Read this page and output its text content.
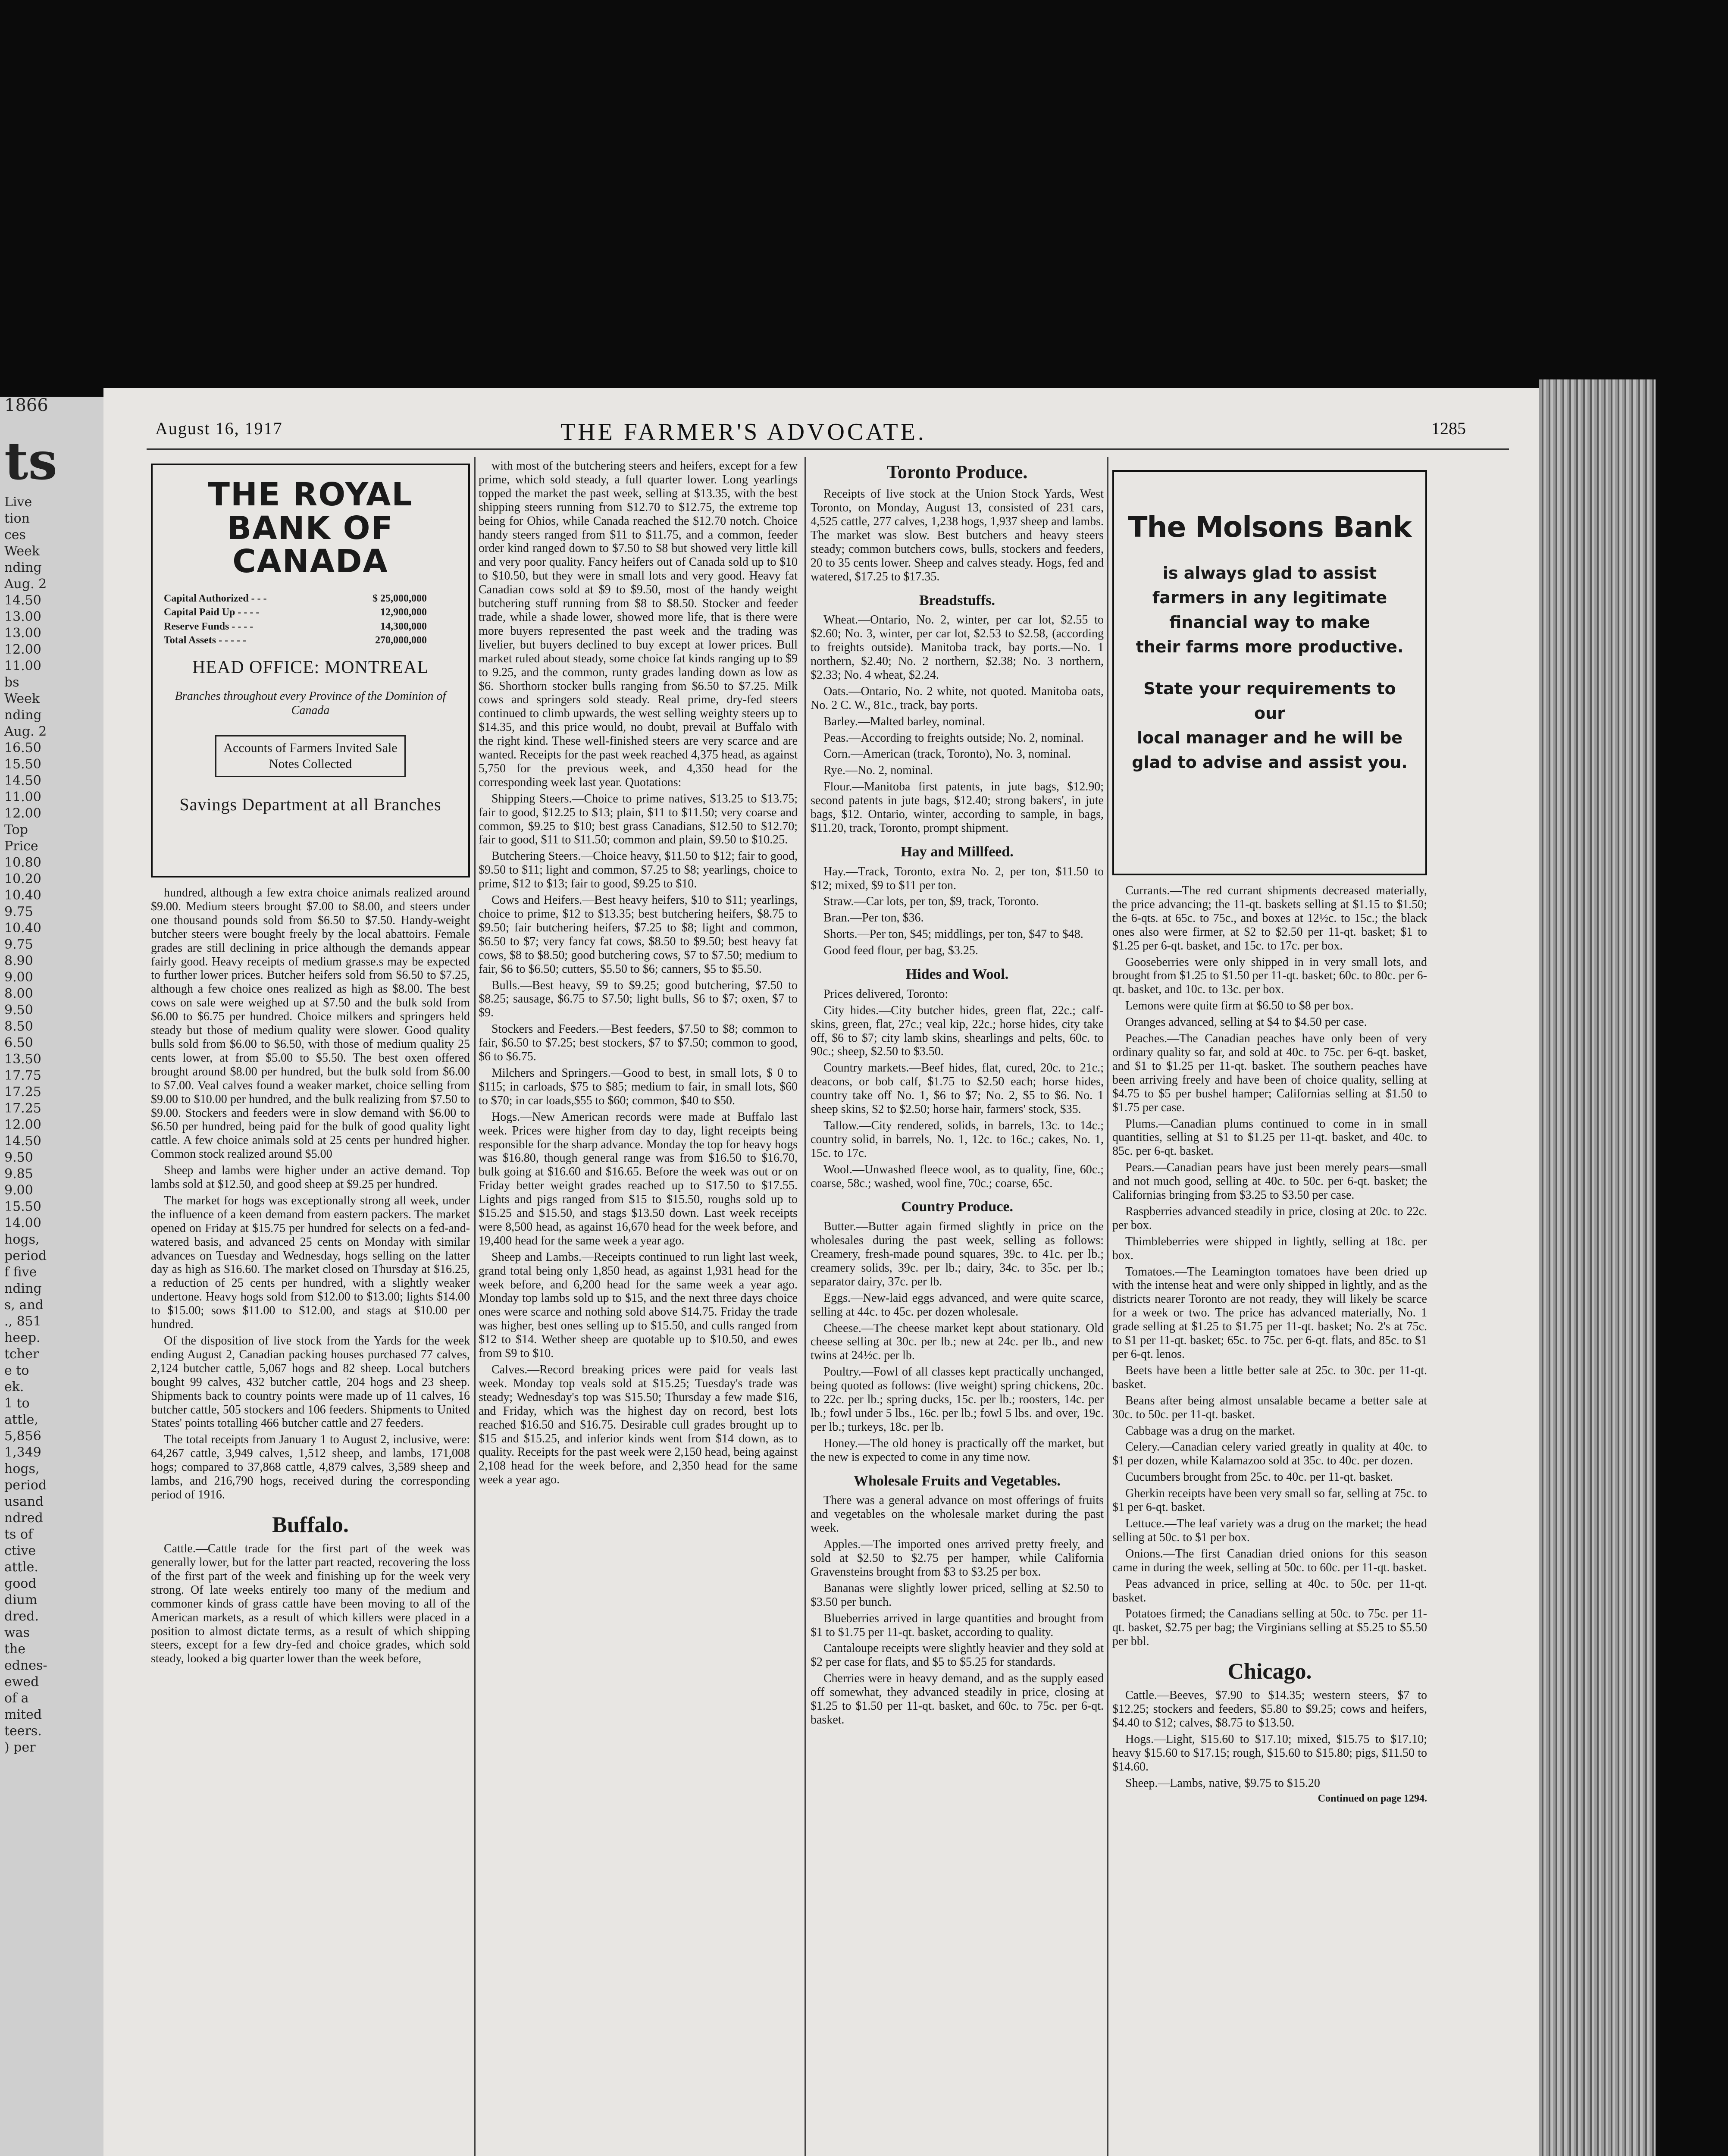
1866
ts
Live
tion
ces
Week
nding
Aug. 2
14.50
13.00
13.00
12.00
11.00
bs
Week
nding
Aug. 2
16.50
15.50
14.50
11.00
12.00
Top
Price
10.80
10.20
10.40
9.75
10.40
9.75
8.90
9.00
8.00
9.50
8.50
6.50
13.50
17.75
17.25
17.25
12.00
14.50
9.50
9.85
9.00
15.50
14.00
hogs,
period
f five
nding
s, and
., 851
heep.
tcher
e to
ek.
1 to
attle,
5,856
1,349
hogs,
period
usand
ndred
ts of
ctive
attle.
good
dium
dred.
was
the
ednes-
ewed
of a
mited
teers.
) per
August 16, 1917	THE FARMER'S ADVOCATE.	1285
THE ROYAL BANK OF CANADA
Capital Authorized - - -	$ 25,000,000
Capital Paid Up - - - -	12,900,000
Reserve Funds - - - -	14,300,000
Total Assets - - - - -	270,000,000
HEAD OFFICE: MONTREAL
Branches throughout every Province of the Dominion of Canada
Accounts of Farmers Invited Sale Notes Collected
Savings Department at all Branches

hundred, although a few extra choice animals realized around $9.00. Medium steers brought $7.00 to $8.00, and steers under one thousand pounds sold from $6.50 to $7.50. Handy-weight butcher steers were bought freely by the local abattoirs. Female grades are still declining in price although the demands appear fairly good. Heavy receipts of medium grasse.s may be expected to further lower prices. Butcher heifers sold from $6.50 to $7.25, although a few choice ones realized as high as $8.00. The best cows on sale were weighed up at $7.50 and the bulk sold from $6.00 to $6.75 per hundred. Choice milkers and springers held steady but those of medium quality were slower. Good quality bulls sold from $6.00 to $6.50, with those of medium quality 25 cents lower, at from $5.00 to $5.50. The best oxen offered brought around $8.00 per hundred, but the bulk sold from $6.00 to $7.00. Veal calves found a weaker market, choice selling from $9.00 to $10.00 per hundred, and the bulk realizing from $7.50 to $9.00. Stockers and feeders were in slow demand with $6.00 to $6.50 per hundred, being paid for the bulk of good quality light cattle. A few choice animals sold at 25 cents per hundred higher. Common stock realized around $5.00

Sheep and lambs were higher under an active demand. Top lambs sold at $12.50, and good sheep at $9.25 per hundred.

The market for hogs was exceptionally strong all week, under the influence of a keen demand from eastern packers. The market opened on Friday at $15.75 per hundred for selects on a fed-and-watered basis, and advanced 25 cents on Monday with similar advances on Tuesday and Wednesday, hogs selling on the latter day as high as $16.60. The market closed on Thursday at $16.25, a reduction of 25 cents per hundred, with a slightly weaker undertone. Heavy hogs sold from $12.00 to $13.00; lights $14.00 to $15.00; sows $11.00 to $12.00, and stags at $10.00 per hundred.

Of the disposition of live stock from the Yards for the week ending August 2, Canadian packing houses purchased 77 calves, 2,124 butcher cattle, 5,067 hogs and 82 sheep. Local butchers bought 99 calves, 432 butcher cattle, 204 hogs and 23 sheep. Shipments back to country points were made up of 11 calves, 16 butcher cattle, 505 stockers and 106 feeders. Shipments to United States' points totalling 466 butcher cattle and 27 feeders.

The total receipts from January 1 to August 2, inclusive, were: 64,267 cattle, 3,949 calves, 1,512 sheep, and lambs, 171,008 hogs; compared to 37,868 cattle, 4,879 calves, 3,589 sheep and lambs, and 216,790 hogs, received during the corresponding period of 1916.

Buffalo.

Cattle.—Cattle trade for the first part of the week was generally lower, but for the latter part reacted, recovering the loss of the first part of the week and finishing up for the week very strong. Of late weeks entirely too many of the medium and commoner kinds of grass cattle have been moving to all of the American markets, as a result of which killers were placed in a position to almost dictate terms, as a result of which shipping steers, except for a few dry-fed and choice grades, which sold steady, looked a big quarter lower than the week before,

with most of the butchering steers and heifers, except for a few prime, which sold steady, a full quarter lower. Long yearlings topped the market the past week, selling at $13.35, with the best shipping steers running from $12.70 to $12.75, the extreme top being for Ohios, while Canada reached the $12.70 notch. Choice handy steers ranged from $11 to $11.75, and a common, feeder order kind ranged down to $7.50 to $8 but showed very little kill and very poor quality. Fancy heifers out of Canada sold up to $10 to $10.50, but they were in small lots and very good. Heavy fat Canadian cows sold at $9 to $9.50, most of the handy weight butchering stuff running from $8 to $8.50. Stocker and feeder trade, while a shade lower, showed more life, that is there were more buyers represented the past week and the trading was livelier, but buyers declined to buy except at lower prices. Bull market ruled about steady, some choice fat kinds ranging up to $9 to 9.25, and the common, runty grades landing down as low as $6. Shorthorn stocker bulls ranging from $6.50 to $7.25. Milk cows and springers sold steady. Real prime, dry-fed steers continued to climb upwards, the west selling weighty steers up to $14.35, and this price would, no doubt, prevail at Buffalo with the right kind. These well-finished steers are very scarce and are wanted. Receipts for the past week reached 4,375 head, as against 5,750 for the previous week, and 4,350 head for the corresponding week last year. Quotations:

Shipping Steers.—Choice to prime natives, $13.25 to $13.75; fair to good, $12.25 to $13; plain, $11 to $11.50; very coarse and common, $9.25 to $10; best grass Canadians, $12.50 to $12.70; fair to good, $11 to $11.50; common and plain, $9.50 to $10.25.

Butchering Steers.—Choice heavy, $11.50 to $12; fair to good, $9.50 to $11; light and common, $7.25 to $8; yearlings, choice to prime, $12 to $13; fair to good, $9.25 to $10.

Cows and Heifers.—Best heavy heifers, $10 to $11; yearlings, choice to prime, $12 to $13.35; best butchering heifers, $8.75 to $9.50; fair butchering heifers, $7.25 to $8; light and common, $6.50 to $7; very fancy fat cows, $8.50 to $9.50; best heavy fat cows, $8 to $8.50; good butchering cows, $7 to $7.50; medium to fair, $6 to $6.50; cutters, $5.50 to $6; canners, $5 to $5.50.

Bulls.—Best heavy, $9 to $9.25; good butchering, $7.50 to $8.25; sausage, $6.75 to $7.50; light bulls, $6 to $7; oxen, $7 to $9.

Stockers and Feeders.—Best feeders, $7.50 to $8; common to fair, $6.50 to $7.25; best stockers, $7 to $7.50; common to good, $6 to $6.75.

Milchers and Springers.—Good to best, in small lots, $ 0 to $115; in carloads, $75 to $85; medium to fair, in small lots, $60 to $70; in car loads,$55 to $60; common, $40 to $50.

Hogs.—New American records were made at Buffalo last week. Prices were higher from day to day, light receipts being responsible for the sharp advance. Monday the top for heavy hogs was $16.80, though general range was from $16.50 to $16.70, bulk going at $16.60 and $16.65. Before the week was out or on Friday better weight grades reached up to $17.50 to $17.55. Lights and pigs ranged from $15 to $15.50, roughs sold up to $15.25 and $15.50, and stags $13.50 down. Last week receipts were 8,500 head, as against 16,670 head for the week before, and 19,400 head for the same week a year ago.

Sheep and Lambs.—Receipts continued to run light last week, grand total being only 1,850 head, as against 1,931 head for the week before, and 6,200 head for the same week a year ago. Monday top lambs sold up to $15, and the next three days choice ones were scarce and nothing sold above $14.75. Friday the trade was higher, best ones selling up to $15.50, and culls ranged from $12 to $14. Wether sheep are quotable up to $10.50, and ewes from $9 to $10.

Calves.—Record breaking prices were paid for veals last week. Monday top veals sold at $15.25; Tuesday's trade was steady; Wednesday's top was $15.50; Thursday a few made $16, and Friday, which was the highest day on record, best lots reached $16.50 and $16.75. Desirable cull grades brought up to $15 and $15.25, and inferior kinds went from $14 down, as to quality. Receipts for the past week were 2,150 head, being against 2,108 head for the week before, and 2,350 head for the same week a year ago.

Toronto Produce.

Receipts of live stock at the Union Stock Yards, West Toronto, on Monday, August 13, consisted of 231 cars, 4,525 cattle, 277 calves, 1,238 hogs, 1,937 sheep and lambs. The market was slow. Best butchers and heavy steers steady; common butchers cows, bulls, stockers and feeders, 20 to 35 cents lower. Sheep and calves steady. Hogs, fed and watered, $17.25 to $17.35.

Breadstuffs.

Wheat.—Ontario, No. 2, winter, per car lot, $2.55 to $2.60; No. 3, winter, per car lot, $2.53 to $2.58, (according to freights outside). Manitoba track, bay ports.—No. 1 northern, $2.40; No. 2 northern, $2.38; No. 3 northern, $2.33; No. 4 wheat, $2.24.

Oats.—Ontario, No. 2 white, not quoted. Manitoba oats, No. 2 C. W., 81c., track, bay ports.

Barley.—Malted barley, nominal.

Peas.—According to freights outside; No. 2, nominal.

Corn.—American (track, Toronto), No. 3, nominal.

Rye.—No. 2, nominal.

Flour.—Manitoba first patents, in jute bags, $12.90; second patents in jute bags, $12.40; strong bakers', in jute bags, $12. Ontario, winter, according to sample, in bags, $11.20, track, Toronto, prompt shipment.

Hay and Millfeed.

Hay.—Track, Toronto, extra No. 2, per ton, $11.50 to $12; mixed, $9 to $11 per ton.

Straw.—Car lots, per ton, $9, track, Toronto.

Bran.—Per ton, $36.

Shorts.—Per ton, $45; middlings, per ton, $47 to $48.

Good feed flour, per bag, $3.25.

Hides and Wool.

Prices delivered, Toronto:

City hides.—City butcher hides, green flat, 22c.; calf-skins, green, flat, 27c.; veal kip, 22c.; horse hides, city take off, $6 to $7; city lamb skins, shearlings and pelts, 60c. to 90c.; sheep, $2.50 to $3.50.

Country markets.—Beef hides, flat, cured, 20c. to 21c.; deacons, or bob calf, $1.75 to $2.50 each; horse hides, country take off No. 1, $6 to $7; No. 2, $5 to $6. No. 1 sheep skins, $2 to $2.50; horse hair, farmers' stock, $35.

Tallow.—City rendered, solids, in barrels, 13c. to 14c.; country solid, in barrels, No. 1, 12c. to 16c.; cakes, No. 1, 15c. to 17c.

Wool.—Unwashed fleece wool, as to quality, fine, 60c.; coarse, 58c.; washed, wool fine, 70c.; coarse, 65c.

Country Produce.

Butter.—Butter again firmed slightly in price on the wholesales during the past week, selling as follows: Creamery, fresh-made pound squares, 39c. to 41c. per lb.; creamery solids, 39c. per lb.; dairy, 34c. to 35c. per lb.; separator dairy, 37c. per lb.

Eggs.—New-laid eggs advanced, and were quite scarce, selling at 44c. to 45c. per dozen wholesale.

Cheese.—The cheese market kept about stationary. Old cheese selling at 30c. per lb.; new at 24c. per lb., and new twins at 24½c. per lb.

Poultry.—Fowl of all classes kept practically unchanged, being quoted as follows: (live weight) spring chickens, 20c. to 22c. per lb.; spring ducks, 15c. per lb.; roosters, 14c. per lb.; fowl under 5 lbs., 16c. per lb.; fowl 5 lbs. and over, 19c. per lb.; turkeys, 18c. per lb.

Honey.—The old honey is practically off the market, but the new is expected to come in any time now.

Wholesale Fruits and Vegetables.

There was a general advance on most offerings of fruits and vegetables on the wholesale market during the past week.

Apples.—The imported ones arrived pretty freely, and sold at $2.50 to $2.75 per hamper, while California Gravensteins brought from $3 to $3.25 per box.

Bananas were slightly lower priced, selling at $2.50 to $3.50 per bunch.

Blueberries arrived in large quantities and brought from $1 to $1.75 per 11-qt. basket, according to quality.

Cantaloupe receipts were slightly heavier and they sold at $2 per case for flats, and $5 to $5.25 for standards.

Cherries were in heavy demand, and as the supply eased off somewhat, they advanced steadily in price, closing at $1.25 to $1.50 per 11-qt. basket, and 60c. to 75c. per 6-qt. basket.

The Molsons Bank
is always glad to assist
farmers in any legitimate
financial way to make
their farms more productive.
State your requirements to our
local manager and he will be
glad to advise and assist you.

Currants.—The red currant shipments decreased materially, the price advancing; the 11-qt. baskets selling at $1.15 to $1.50; the 6-qts. at 65c. to 75c., and boxes at 12½c. to 15c.; the black ones also were firmer, at $2 to $2.50 per 11-qt. basket; $1 to $1.25 per 6-qt. basket, and 15c. to 17c. per box.

Gooseberries were only shipped in in very small lots, and brought from $1.25 to $1.50 per 11-qt. basket; 60c. to 80c. per 6-qt. basket, and 10c. to 13c. per box.

Lemons were quite firm at $6.50 to $8 per box.

Oranges advanced, selling at $4 to $4.50 per case.

Peaches.—The Canadian peaches have only been of very ordinary quality so far, and sold at 40c. to 75c. per 6-qt. basket, and $1 to $1.25 per 11-qt. basket. The southern peaches have been arriving freely and have been of choice quality, selling at $4.75 to $5 per bushel hamper; Californias selling at $1.50 to $1.75 per case.

Plums.—Canadian plums continued to come in in small quantities, selling at $1 to $1.25 per 11-qt. basket, and 40c. to 85c. per 6-qt. basket.

Pears.—Canadian pears have just been merely pears—small and not much good, selling at 40c. to 50c. per 6-qt. basket; the Californias bringing from $3.25 to $3.50 per case.

Raspberries advanced steadily in price, closing at 20c. to 22c. per box.

Thimbleberries were shipped in lightly, selling at 18c. per box.

Tomatoes.—The Leamington tomatoes have been dried up with the intense heat and were only shipped in lightly, and as the districts nearer Toronto are not ready, they will likely be scarce for a week or two. The price has advanced materially, No. 1 grade selling at $1.25 to $1.75 per 11-qt. basket; No. 2's at 75c. to $1 per 11-qt. basket; 65c. to 75c. per 6-qt. flats, and 85c. to $1 per 6-qt. lenos.

Beets have been a little better sale at 25c. to 30c. per 11-qt. basket.

Beans after being almost unsalable became a better sale at 30c. to 50c. per 11-qt. basket.

Cabbage was a drug on the market.

Celery.—Canadian celery varied greatly in quality at 40c. to $1 per dozen, while Kalamazoo sold at 35c. to 40c. per dozen.

Cucumbers brought from 25c. to 40c. per 11-qt. basket.

Gherkin receipts have been very small so far, selling at 75c. to $1 per 6-qt. basket.

Lettuce.—The leaf variety was a drug on the market; the head selling at 50c. to $1 per box.

Onions.—The first Canadian dried onions for this season came in during the week, selling at 50c. to 60c. per 11-qt. basket.

Peas advanced in price, selling at 40c. to 50c. per 11-qt. basket.

Potatoes firmed; the Canadians selling at 50c. to 75c. per 11-qt. basket, $2.75 per bag; the Virginians selling at $5.25 to $5.50 per bbl.

Chicago.

Cattle.—Beeves, $7.90 to $14.35; western steers, $7 to $12.25; stockers and feeders, $5.80 to $9.25; cows and heifers, $4.40 to $12; calves, $8.75 to $13.50.

Hogs.—Light, $15.60 to $17.10; mixed, $15.75 to $17.10; heavy $15.60 to $17.15; rough, $15.60 to $15.80; pigs, $11.50 to $14.60.

Sheep.—Lambs, native, $9.75 to $15.20

Continued on page 1294.
